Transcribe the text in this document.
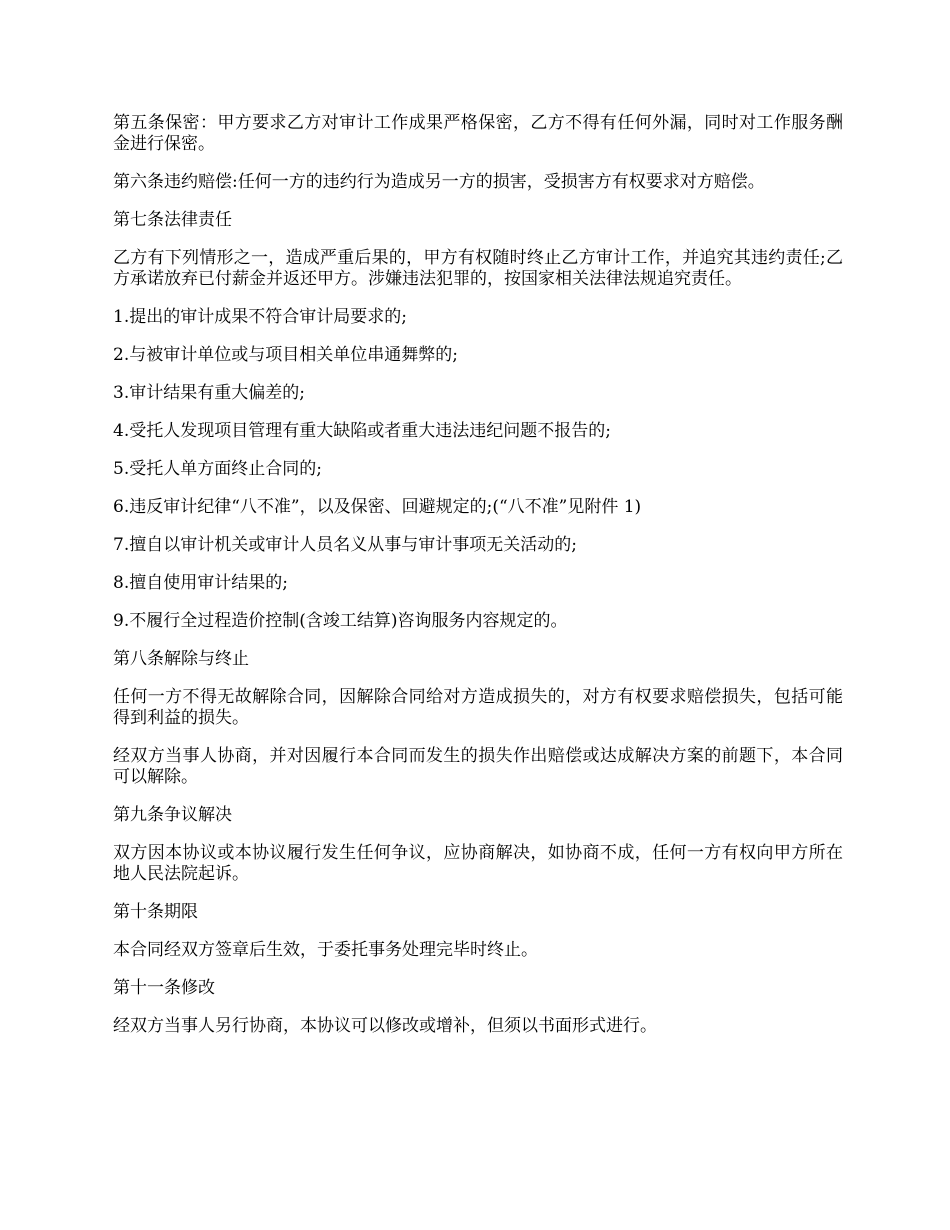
第五条保密：甲方要求乙方对审计工作成果严格保密，乙方不得有任何外漏，同时对工作服务酬金进行保密。

第六条违约赔偿:任何一方的违约行为造成另一方的损害，受损害方有权要求对方赔偿。

第七条法律责任

乙方有下列情形之一，造成严重后果的，甲方有权随时终止乙方审计工作，并追究其违约责任;乙方承诺放弃已付薪金并返还甲方。涉嫌违法犯罪的，按国家相关法律法规追究责任。

1.提出的审计成果不符合审计局要求的;

2.与被审计单位或与项目相关单位串通舞弊的;

3.审计结果有重大偏差的;

4.受托人发现项目管理有重大缺陷或者重大违法违纪问题不报告的;

5.受托人单方面终止合同的;

6.违反审计纪律“八不准”，以及保密、回避规定的;(“八不准”见附件 1)

7.擅自以审计机关或审计人员名义从事与审计事项无关活动的;

8.擅自使用审计结果的;

9.不履行全过程造价控制(含竣工结算)咨询服务内容规定的。

第八条解除与终止

任何一方不得无故解除合同，因解除合同给对方造成损失的，对方有权要求赔偿损失，包括可能得到利益的损失。

经双方当事人协商，并对因履行本合同而发生的损失作出赔偿或达成解决方案的前题下，本合同可以解除。

第九条争议解决

双方因本协议或本协议履行发生任何争议，应协商解决，如协商不成，任何一方有权向甲方所在地人民法院起诉。

第十条期限

本合同经双方签章后生效，于委托事务处理完毕时终止。

第十一条修改

经双方当事人另行协商，本协议可以修改或增补，但须以书面形式进行。
